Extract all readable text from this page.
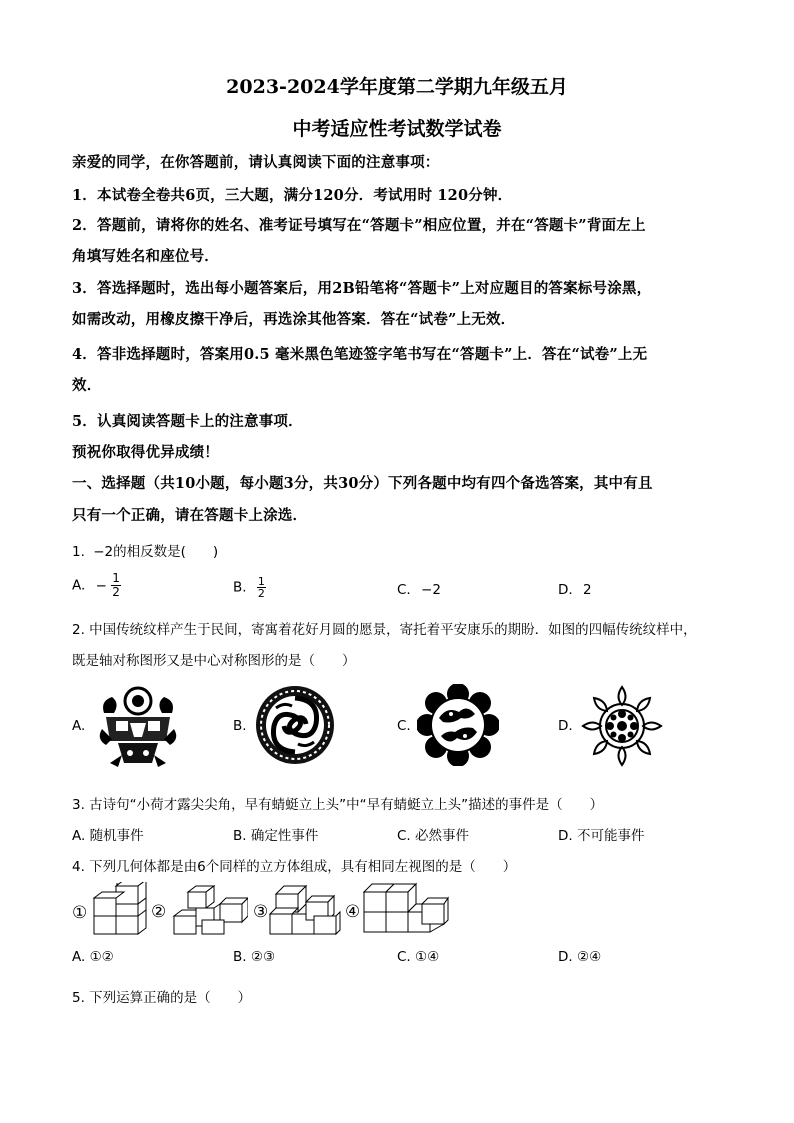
2023-2024学年度第二学期九年级五月
中考适应性考试数学试卷
亲爱的同学，在你答题前，请认真阅读下面的注意事项：
1．本试卷全卷共6页，三大题，满分120分．考试用时 120分钟．
2．答题前，请将你的姓名、准考证号填写在“答题卡”相应位置，并在“答题卡”背面左上
角填写姓名和座位号．
3．答选择题时，选出每小题答案后，用2B铅笔将“答题卡”上对应题目的答案标号涂黑，
如需改动，用橡皮擦干净后，再选涂其他答案．答在“试卷”上无效．
4．答非选择题时，答案用0.5 毫米黑色笔迹签字笔书写在“答题卡”上．答在“试卷”上无
效．
5．认真阅读答题卡上的注意事项．
预祝你取得优异成绩！
一、选择题（共10小题，每小题3分，共30分）下列各题中均有四个备选答案，其中有且
只有一个正确，请在答题卡上涂选．
1. −2的相反数是(　　)
A. − $\frac{1}{2}$	B. $\frac{1}{2}$	C. −2	D. 2
2. 中国传统纹样产生于民间，寄寓着花好月圆的愿景，寄托着平安康乐的期盼．如图的四幅传统纹样中，
既是轴对称图形又是中心对称图形的是（　　）
A.	B.	C.	D.
3. 古诗句“小荷才露尖尖角，早有蜻蜓立上头”中“早有蜻蜓立上头”描述的事件是（　　）
A. 随机事件	B. 确定性事件	C. 必然事件	D. 不可能事件
4. 下列几何体都是由6个同样的立方体组成，具有相同左视图的是（　　）
①	②	③	④
A. ①②	B. ②③	C. ①④	D. ②④
5. 下列运算正确的是（　　）
